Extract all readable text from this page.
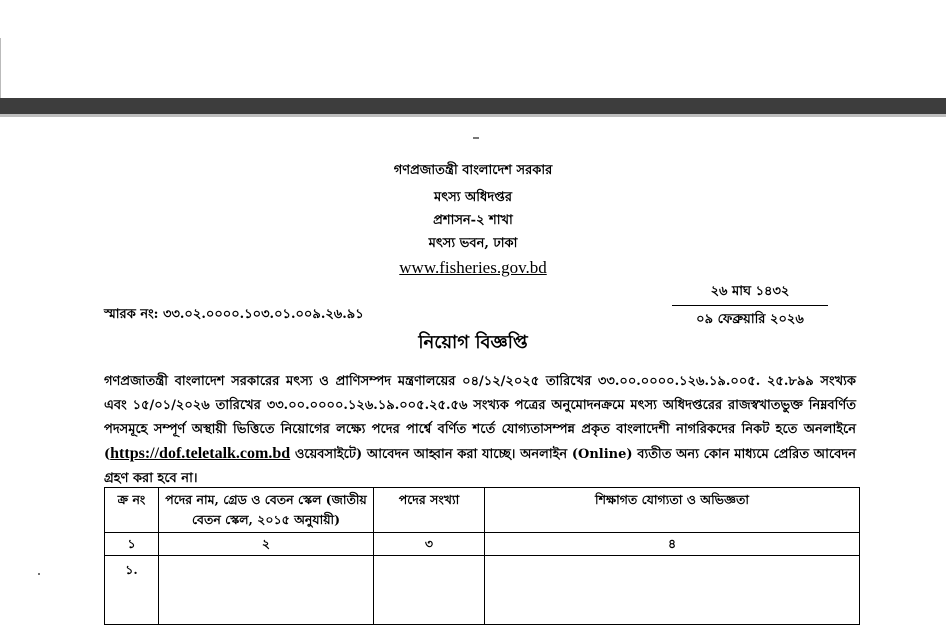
গণপ্রজাতন্ত্রী বাংলাদেশ সরকার
মৎস্য অধিদপ্তর
প্রশাসন-২ শাখা
মৎস্য ভবন, ঢাকা
www.fisheries.gov.bd
২৬ মাঘ ১৪৩২
০৯ ফেব্রুয়ারি ২০২৬
স্মারক নং: ৩৩.০২.০০০০.১০৩.০১.০০৯.২৬.৯১
নিয়োগ বিজ্ঞপ্তি
গণপ্রজাতন্ত্রী বাংলাদেশ সরকারের মৎস্য ও প্রাণিসম্পদ মন্ত্রণালয়ের ০৪/১২/২০২৫ তারিখের ৩৩.০০.০০০০.১২৬.১৯.০০৫. ২৫.৮৯৯ সংখ্যক এবং ১৫/০১/২০২৬ তারিখের ৩৩.০০.০০০০.১২৬.১৯.০০৫.২৫.৫৬ সংখ্যক পত্রের অনুমোদনক্রমে মৎস্য অধিদপ্তরের রাজস্বখাতভুক্ত নিম্নবর্ণিত পদসমূহে সম্পূর্ণ অস্থায়ী ভিত্তিতে নিয়োগের লক্ষ্যে পদের পার্শ্বে বর্ণিত শর্তে যোগ্যতাসম্পন্ন প্রকৃত বাংলাদেশী নাগরিকদের নিকট হতে অনলাইনে (https://dof.teletalk.com.bd ওয়েবসাইটে) আবেদন আহ্বান করা যাচ্ছে। অনলাইন (Online) ব্যতীত অন্য কোন মাধ্যমে প্রেরিত আবেদন গ্রহণ করা হবে না।
ক্র নং	পদের নাম, গ্রেড ও বেতন স্কেল (জাতীয় বেতন স্কেল, ২০১৫ অনুযায়ী)	পদের সংখ্যা	শিক্ষাগত যোগ্যতা ও অভিজ্ঞতা
১	২	৩	৪
১.			
